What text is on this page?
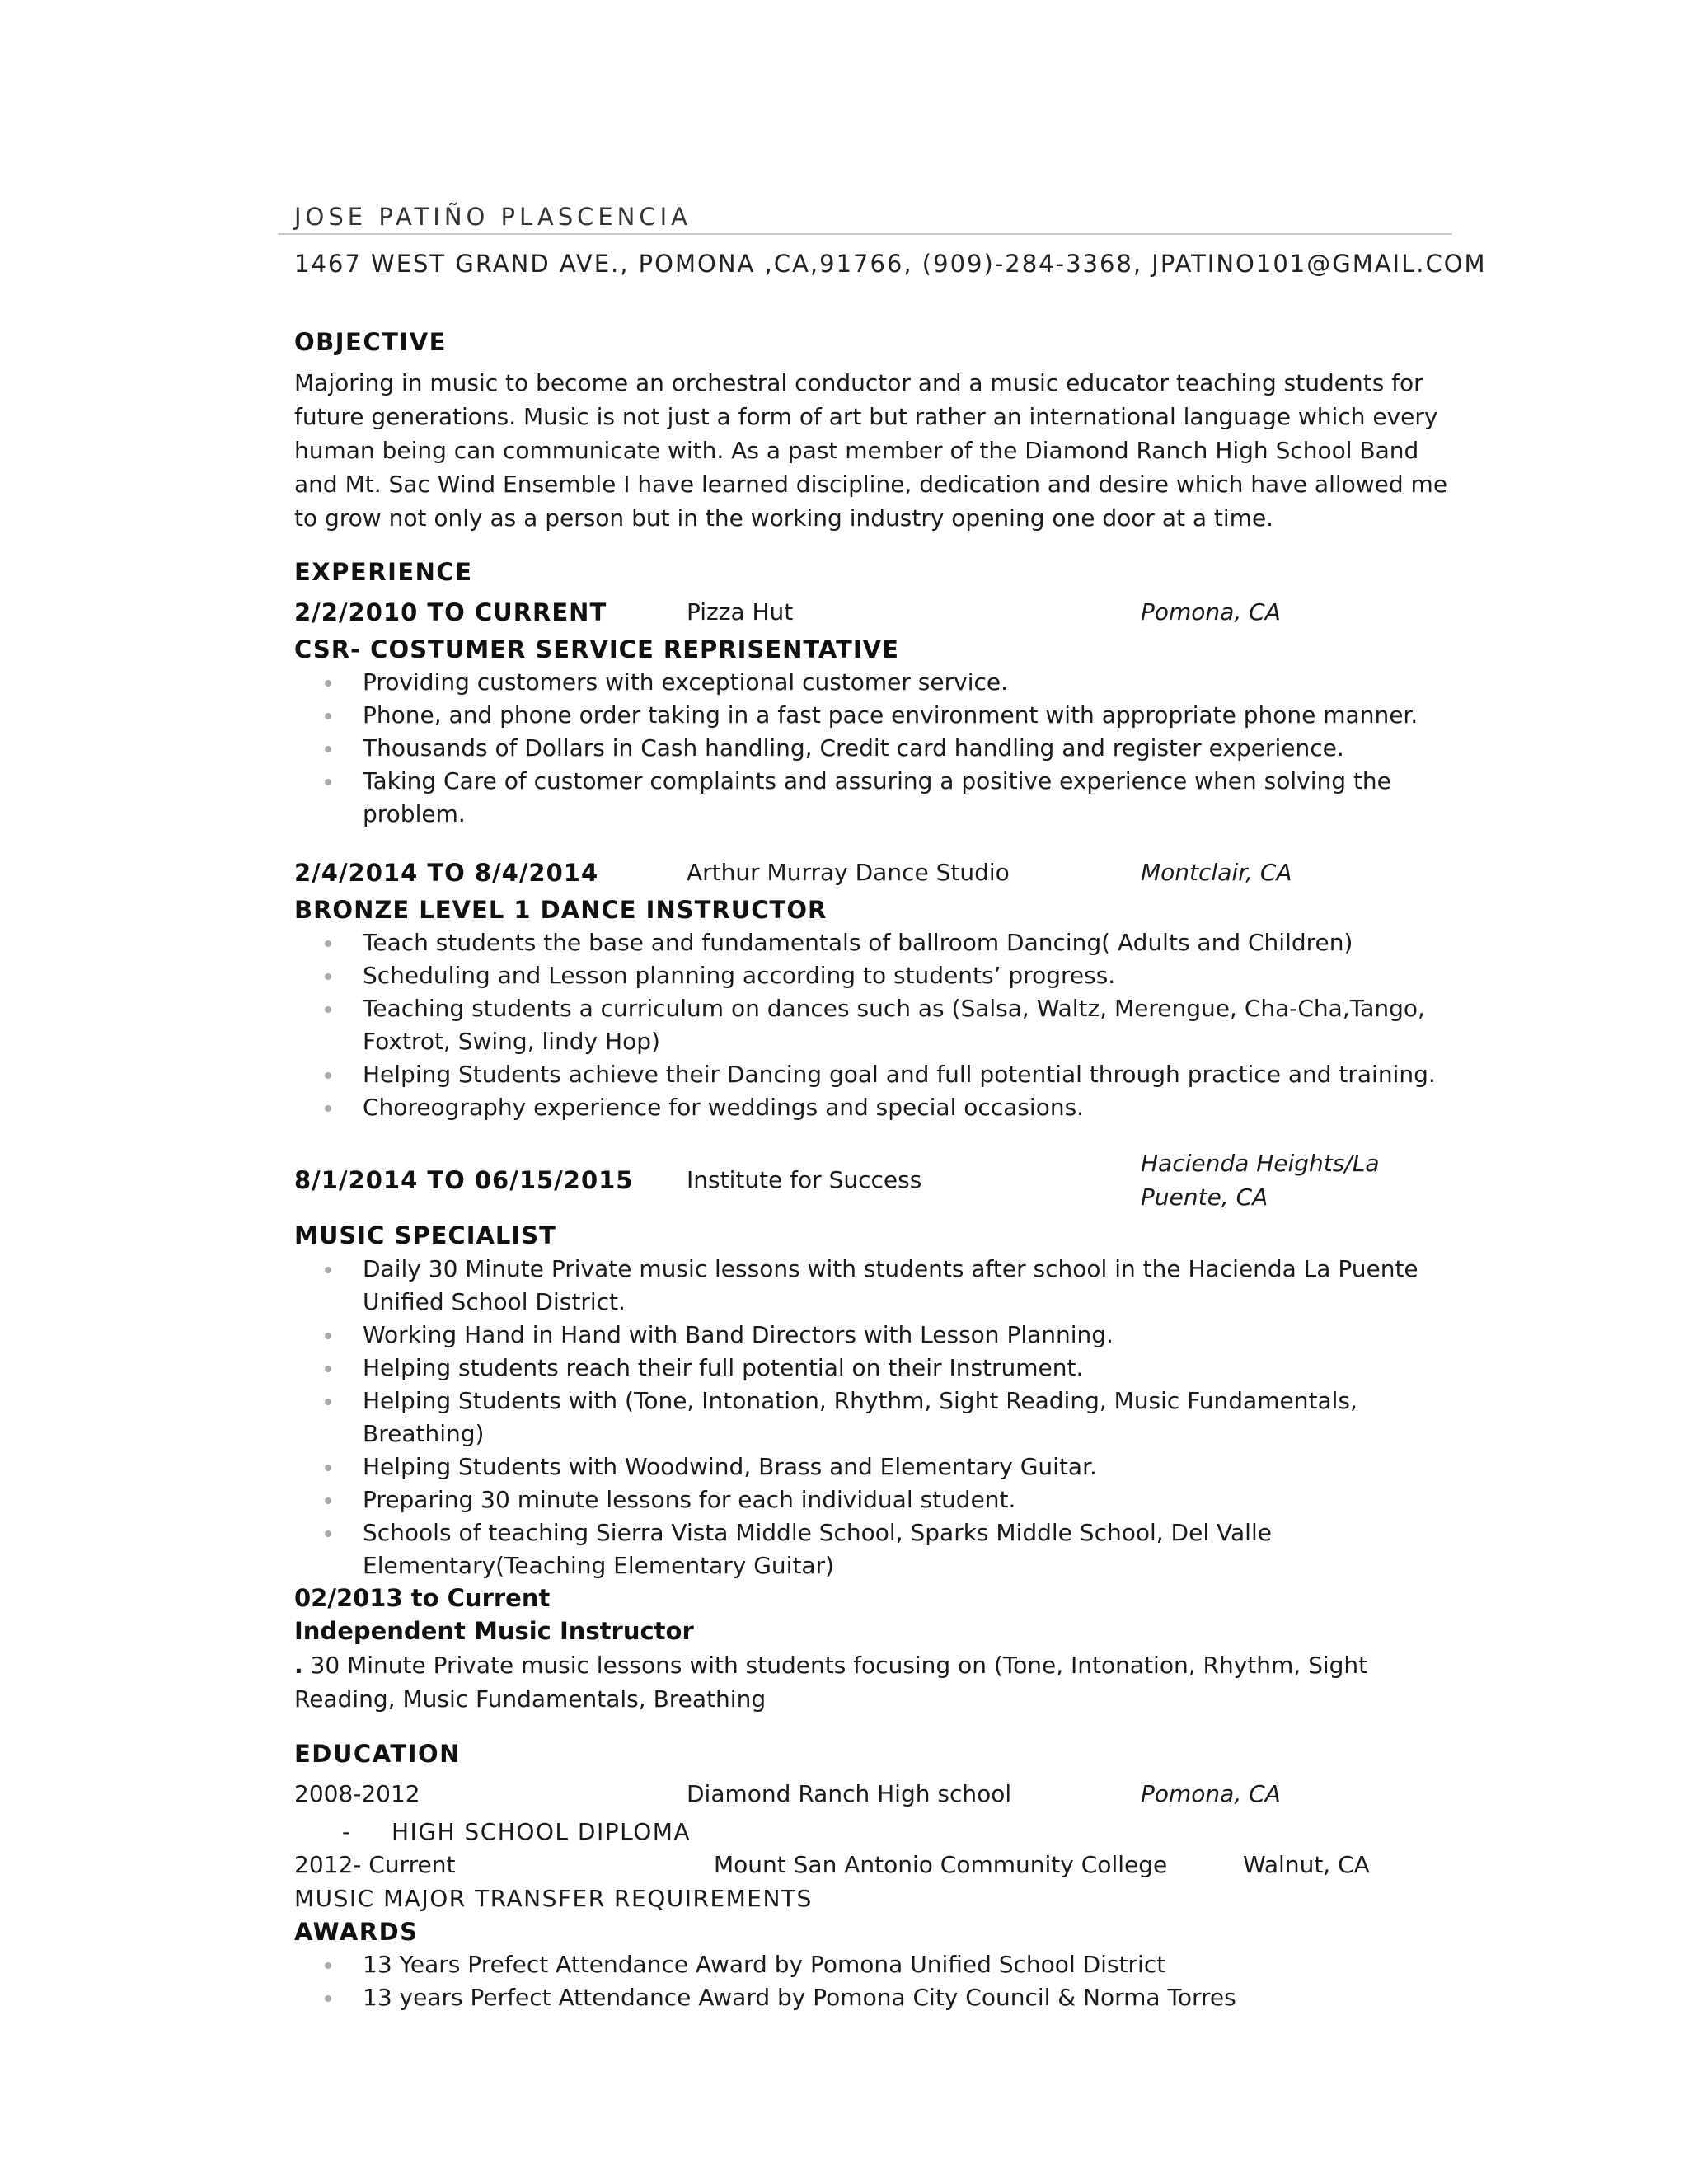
JOSE PATIÑO PLASCENCIA
1467 WEST GRAND AVE., POMONA ,CA,91766, (909)-284-3368, JPATINO101@GMAIL.COM
OBJECTIVE
Majoring in music to become an orchestral conductor and a music educator teaching students for future generations. Music is not just a form of art but rather an international language which every human being can communicate with. As a past member of the Diamond Ranch High School Band and Mt. Sac Wind Ensemble I have learned discipline, dedication and desire which have allowed me to grow not only as a person but in the working industry opening one door at a time.
EXPERIENCE
2/2/2010 TO CURRENT	Pizza Hut	Pomona, CA
CSR- COSTUMER SERVICE REPRISENTATIVE
Providing customers with exceptional customer service.
Phone, and phone order taking in a fast pace environment with appropriate phone manner.
Thousands of Dollars in Cash handling, Credit card handling and register experience.
Taking Care of customer complaints and assuring a positive experience when solving the problem.
2/4/2014 TO 8/4/2014	Arthur Murray Dance Studio	Montclair, CA
BRONZE LEVEL 1 DANCE INSTRUCTOR
Teach students the base and fundamentals of ballroom Dancing( Adults and Children)
Scheduling and Lesson planning according to students’ progress.
Teaching students a curriculum on dances such as (Salsa, Waltz, Merengue, Cha-Cha,Tango, Foxtrot, Swing, lindy Hop)
Helping Students achieve their Dancing goal and full potential through practice and training.
Choreography experience for weddings and special occasions.
8/1/2014 TO 06/15/2015 Institute for Success
Hacienda Heights/La
Puente, CA
MUSIC SPECIALIST
Daily 30 Minute Private music lessons with students after school in the Hacienda La Puente Unified School District.
Working Hand in Hand with Band Directors with Lesson Planning.
Helping students reach their full potential on their Instrument.
Helping Students with (Tone, Intonation, Rhythm, Sight Reading, Music Fundamentals, Breathing)
Helping Students with Woodwind, Brass and Elementary Guitar.
Preparing 30 minute lessons for each individual student.
Schools of teaching Sierra Vista Middle School, Sparks Middle School, Del Valle Elementary(Teaching Elementary Guitar)
02/2013 to Current
Independent Music Instructor
. 30 Minute Private music lessons with students focusing on (Tone, Intonation, Rhythm, Sight Reading, Music Fundamentals, Breathing
EDUCATION
2008-2012	Diamond Ranch High school	Pomona, CA
- HIGH SCHOOL DIPLOMA
2012- Current	Mount San Antonio Community College	Walnut, CA
MUSIC MAJOR TRANSFER REQUIREMENTS
AWARDS
13 Years Prefect Attendance Award by Pomona Unified School District
13 years Perfect Attendance Award by Pomona City Council & Norma Torres
